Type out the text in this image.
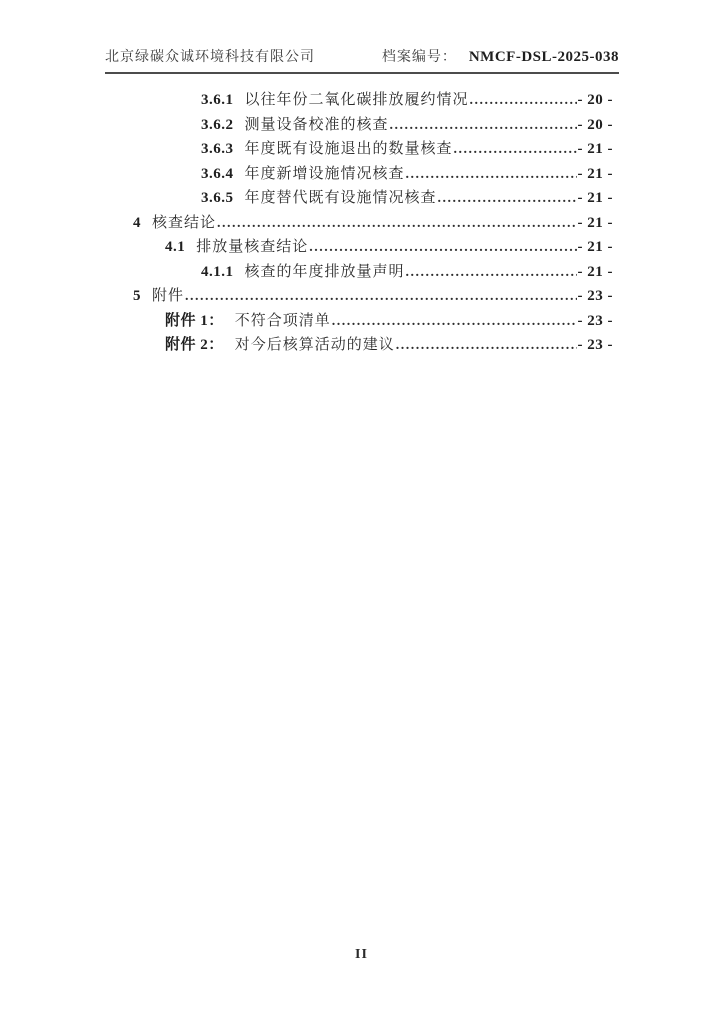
北京绿碳众诚环境科技有限公司	档案编号： NMCF-DSL-2025-038
3.6.1 以往年份二氧化碳排放履约情况 .....	- 20 -
3.6.2 测量设备校准的核查 .....	- 20 -
3.6.3 年度既有设施退出的数量核查 .....	- 21 -
3.6.4 年度新增设施情况核查 .....	- 21 -
3.6.5 年度替代既有设施情况核查 .....	- 21 -
4 核查结论 .....	- 21 -
4.1 排放量核查结论 .....	- 21 -
4.1.1 核查的年度排放量声明 .....	- 21 -
5 附件 .....	- 23 -
附件 1： 不符合项清单 .....	- 23 -
附件 2： 对今后核算活动的建议 .....	- 23 -
II
